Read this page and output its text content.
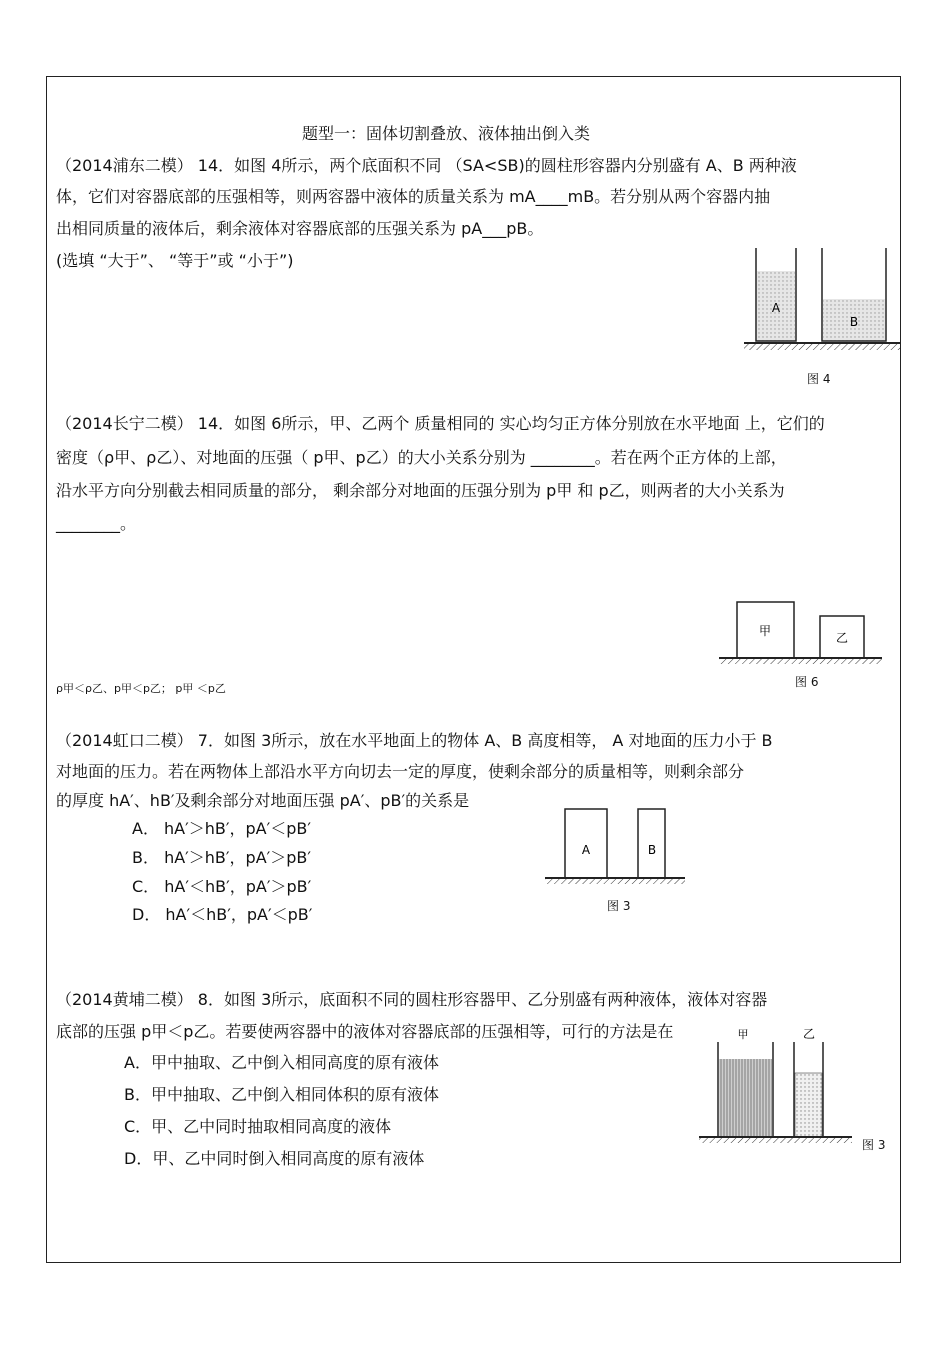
题型一：固体切割叠放、液体抽出倒入类
（2014浦东二模） 14．如图 4所示，两个底面积不同 （SA<SB)的圆柱形容器内分别盛有 A、B 两种液
体，它们对容器底部的压强相等，则两容器中液体的质量关系为 mA____mB。若分别从两个容器内抽
出相同质量的液体后，剩余液体对容器底部的压强关系为 pA___pB。
(选填 “大于”、 “等于”或 “小于”)
A
B
图 4
（2014长宁二模） 14．如图 6所示，甲、乙两个 质量相同的 实心均匀正方体分别放在水平地面 上，它们的
密度（ρ甲、ρ乙）、对地面的压强（ p甲、p乙）的大小关系分别为 ________。若在两个正方体的上部，
沿水平方向分别截去相同质量的部分， 剩余部分对地面的压强分别为 p甲 和 p乙，则两者的大小关系为
________。
甲	乙
图 6
ρ甲＜ρ乙、p甲＜p乙； p甲 ＜p乙
（2014虹口二模） 7．如图 3所示，放在水平地面上的物体 A、B 高度相等， A 对地面的压力小于 B
对地面的压力。若在两物体上部沿水平方向切去一定的厚度，使剩余部分的质量相等，则剩余部分
的厚度 hA′、hB′及剩余部分对地面压强 pA′、pB′的关系是
A． hA′＞hB′，pA′＜pB′
B． hA′＞hB′，pA′＞pB′
C． hA′＜hB′，pA′＞pB′
D． hA′＜hB′，pA′＜pB′
A	B
图 3
（2014黄埔二模） 8．如图 3所示，底面积不同的圆柱形容器甲、乙分别盛有两种液体，液体对容器
底部的压强 p甲＜p乙。若要使两容器中的液体对容器底部的压强相等，可行的方法是在
A．甲中抽取、乙中倒入相同高度的原有液体
B．甲中抽取、乙中倒入相同体积的原有液体
C．甲、乙中同时抽取相同高度的液体
D．甲、乙中同时倒入相同高度的原有液体
甲	乙
图 3
